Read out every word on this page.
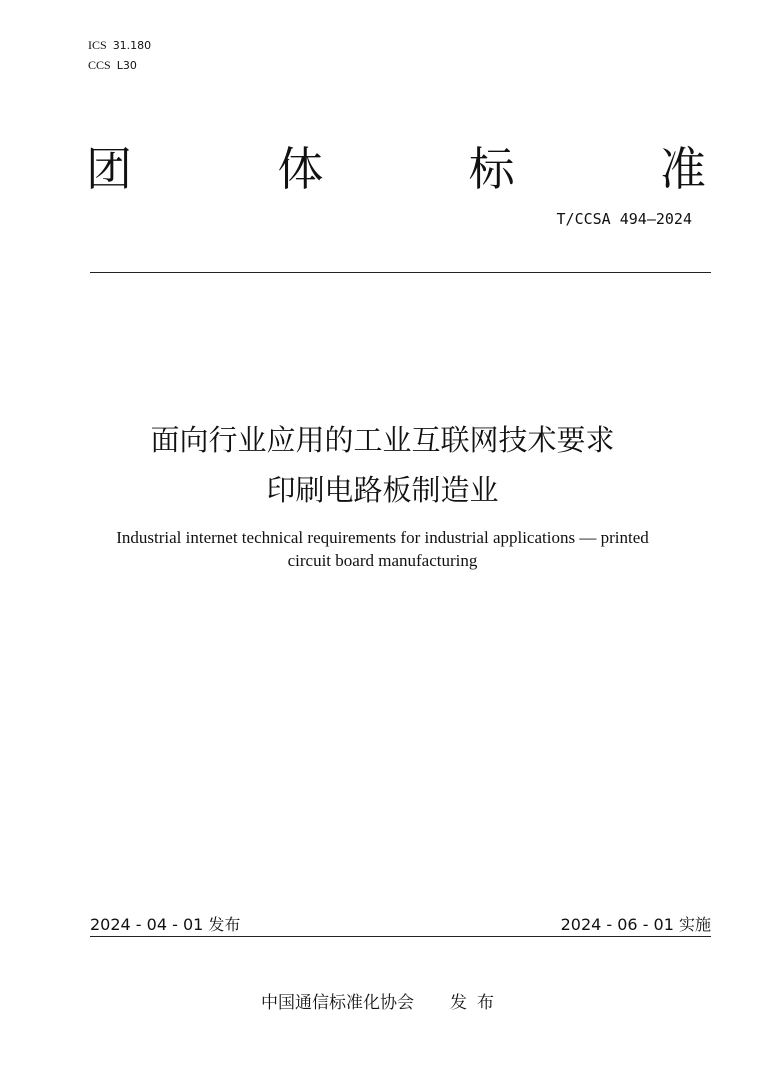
ICS 31.180
CCS L30
团	体	标	准
T/CCSA 494—2024
面向行业应用的工业互联网技术要求
印刷电路板制造业
Industrial internet technical requirements for industrial applications — printed
circuit board manufacturing
2024 - 04 - 01 发布	2024 - 06 - 01 实施
中国通信标准化协会 发布
